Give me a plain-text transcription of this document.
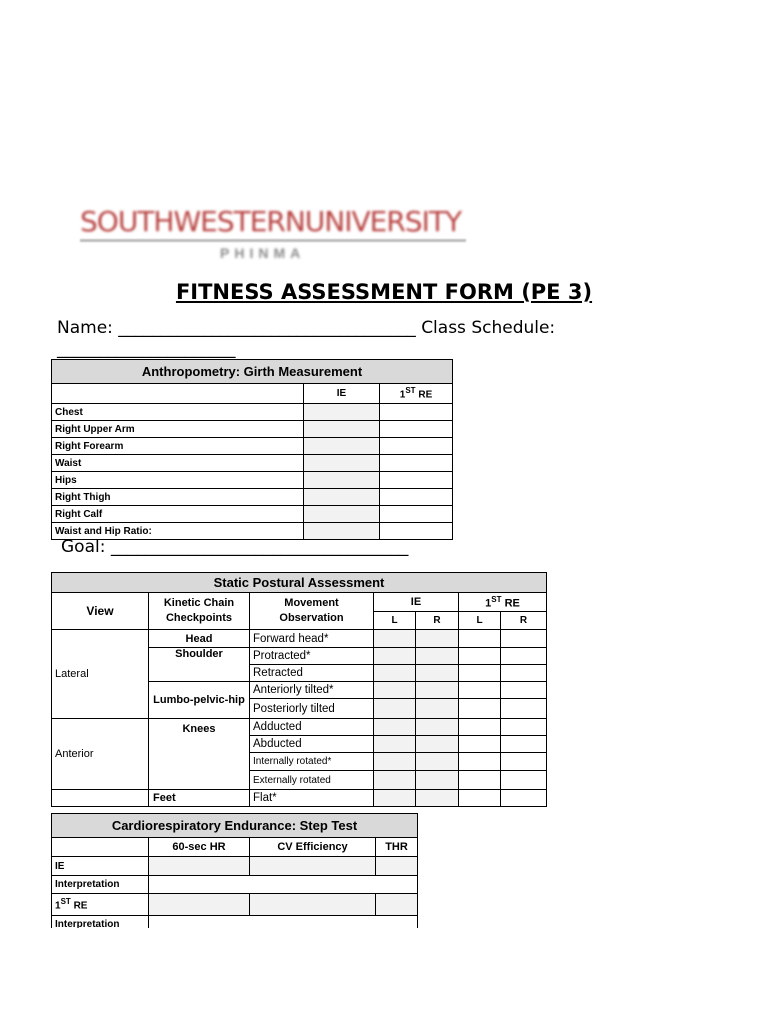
SOUTHWESTERNUNIVERSITY
PHINMA
FITNESS ASSESSMENT FORM (PE 3)
Name: ___________________________________ Class Schedule:
_____________________
Anthropometry: Girth Measurement		
	IE	1ST RE
Chest		
Right Upper Arm		
Right Forearm		
Waist		
Hips		
Right Thigh		
Right Calf		
Waist and Hip Ratio:		
Goal: ___________________________________
Static Postural Assessment						
View	Kinetic Chain Checkpoints	Movement Observation	IE		1ST RE	
			L	R	L	R
Lateral	Head	Forward head*				
	Shoulder	Protracted*				
		Retracted				
	Lumbo-pelvic-hip	Anteriorly tilted*				
		Posteriorly tilted				
Anterior	Knees	Adducted				
		Abducted				
		Internally rotated*				
		Externally rotated				
	Feet	Flat*				
Cardiorespiratory Endurance: Step Test			
	60-sec HR	CV Efficiency	THR
IE			
Interpretation			
1ST RE			
Interpretation			
